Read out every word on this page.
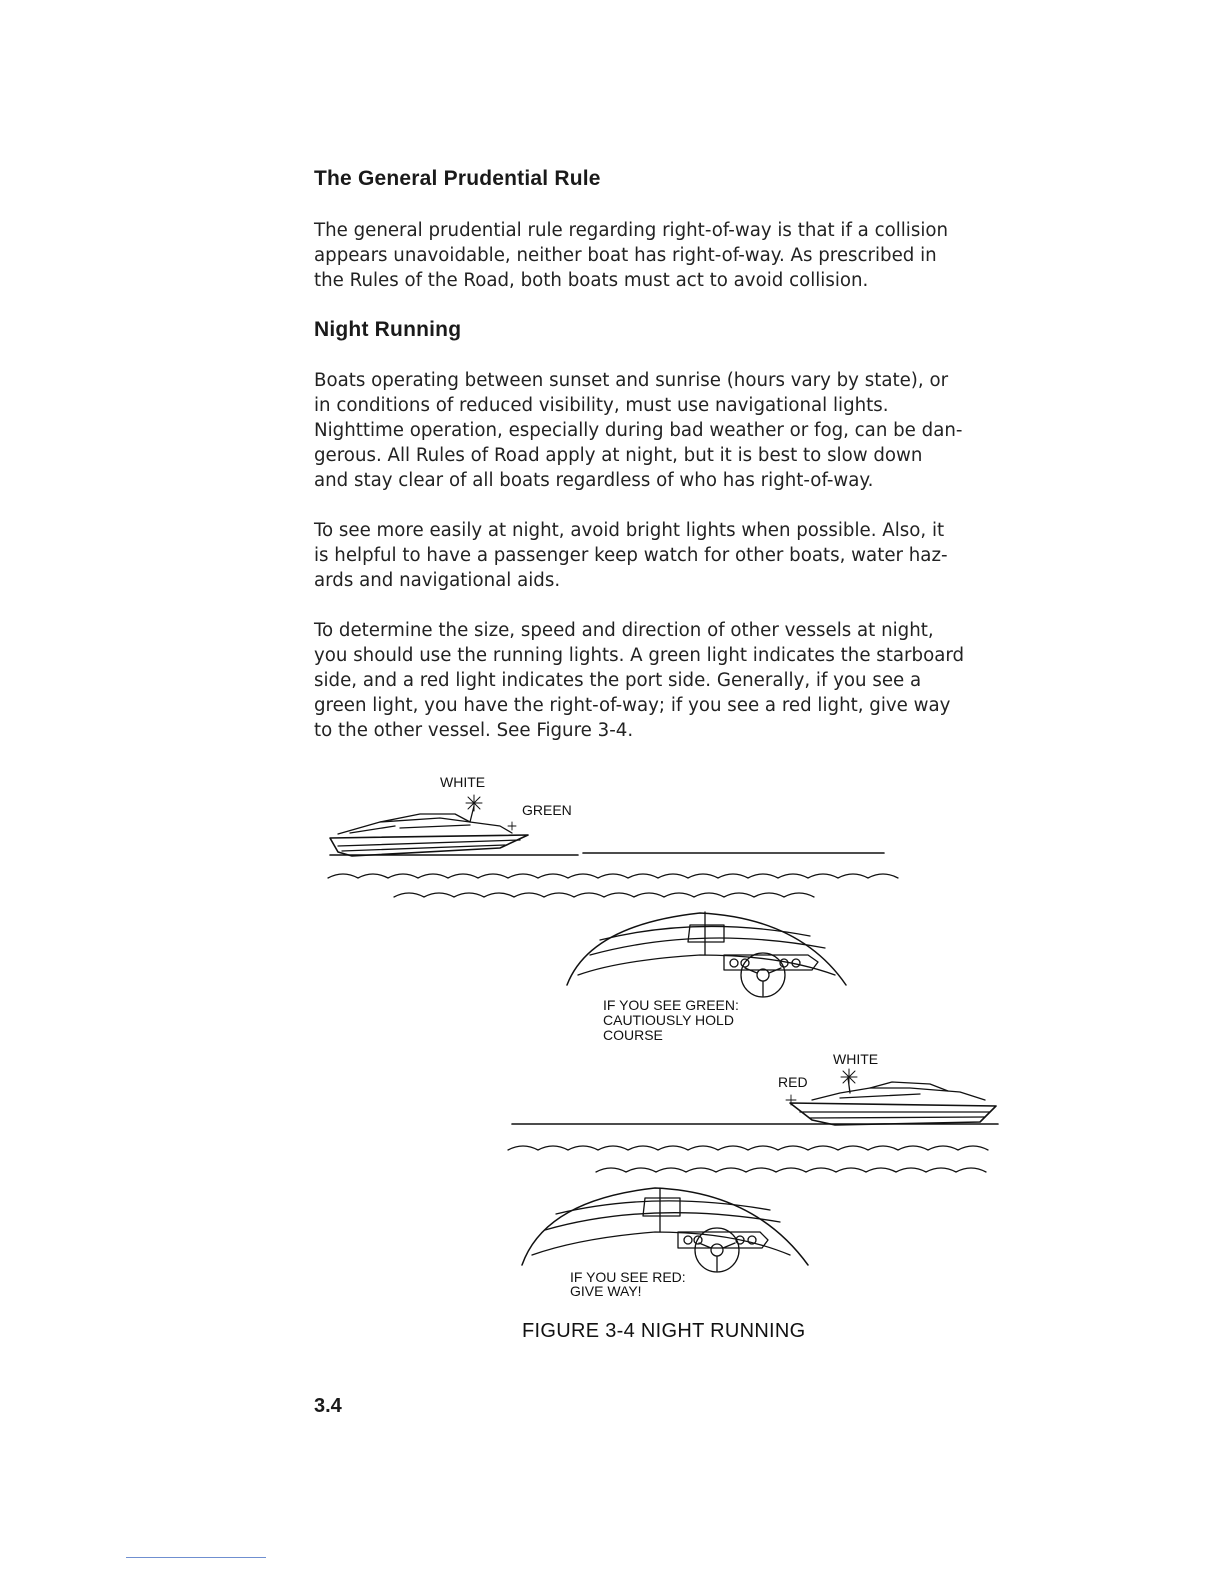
The General Prudential Rule

The general prudential rule regarding right-of-way is that if a collision
appears unavoidable, neither boat has right-of-way. As prescribed in
the Rules of the Road, both boats must act to avoid collision.

Night Running

Boats operating between sunset and sunrise (hours vary by state), or
in conditions of reduced visibility, must use navigational lights.
Nighttime operation, especially during bad weather or fog, can be dan-
gerous. All Rules of Road apply at night, but it is best to slow down
and stay clear of all boats regardless of who has right-of-way.

To see more easily at night, avoid bright lights when possible. Also, it
is helpful to have a passenger keep watch for other boats, water haz-
ards and navigational aids.

To determine the size, speed and direction of other vessels at night,
you should use the running lights. A green light indicates the starboard
side, and a red light indicates the port side. Generally, if you see a
green light, you have the right-of-way; if you see a red light, give way
to the other vessel. See Figure 3-4.

WHITE
GREEN
IF YOU SEE GREEN:
CAUTIOUSLY HOLD
COURSE
WHITE
RED
IF YOU SEE RED:
GIVE WAY!

FIGURE 3-4 NIGHT RUNNING

3.4
